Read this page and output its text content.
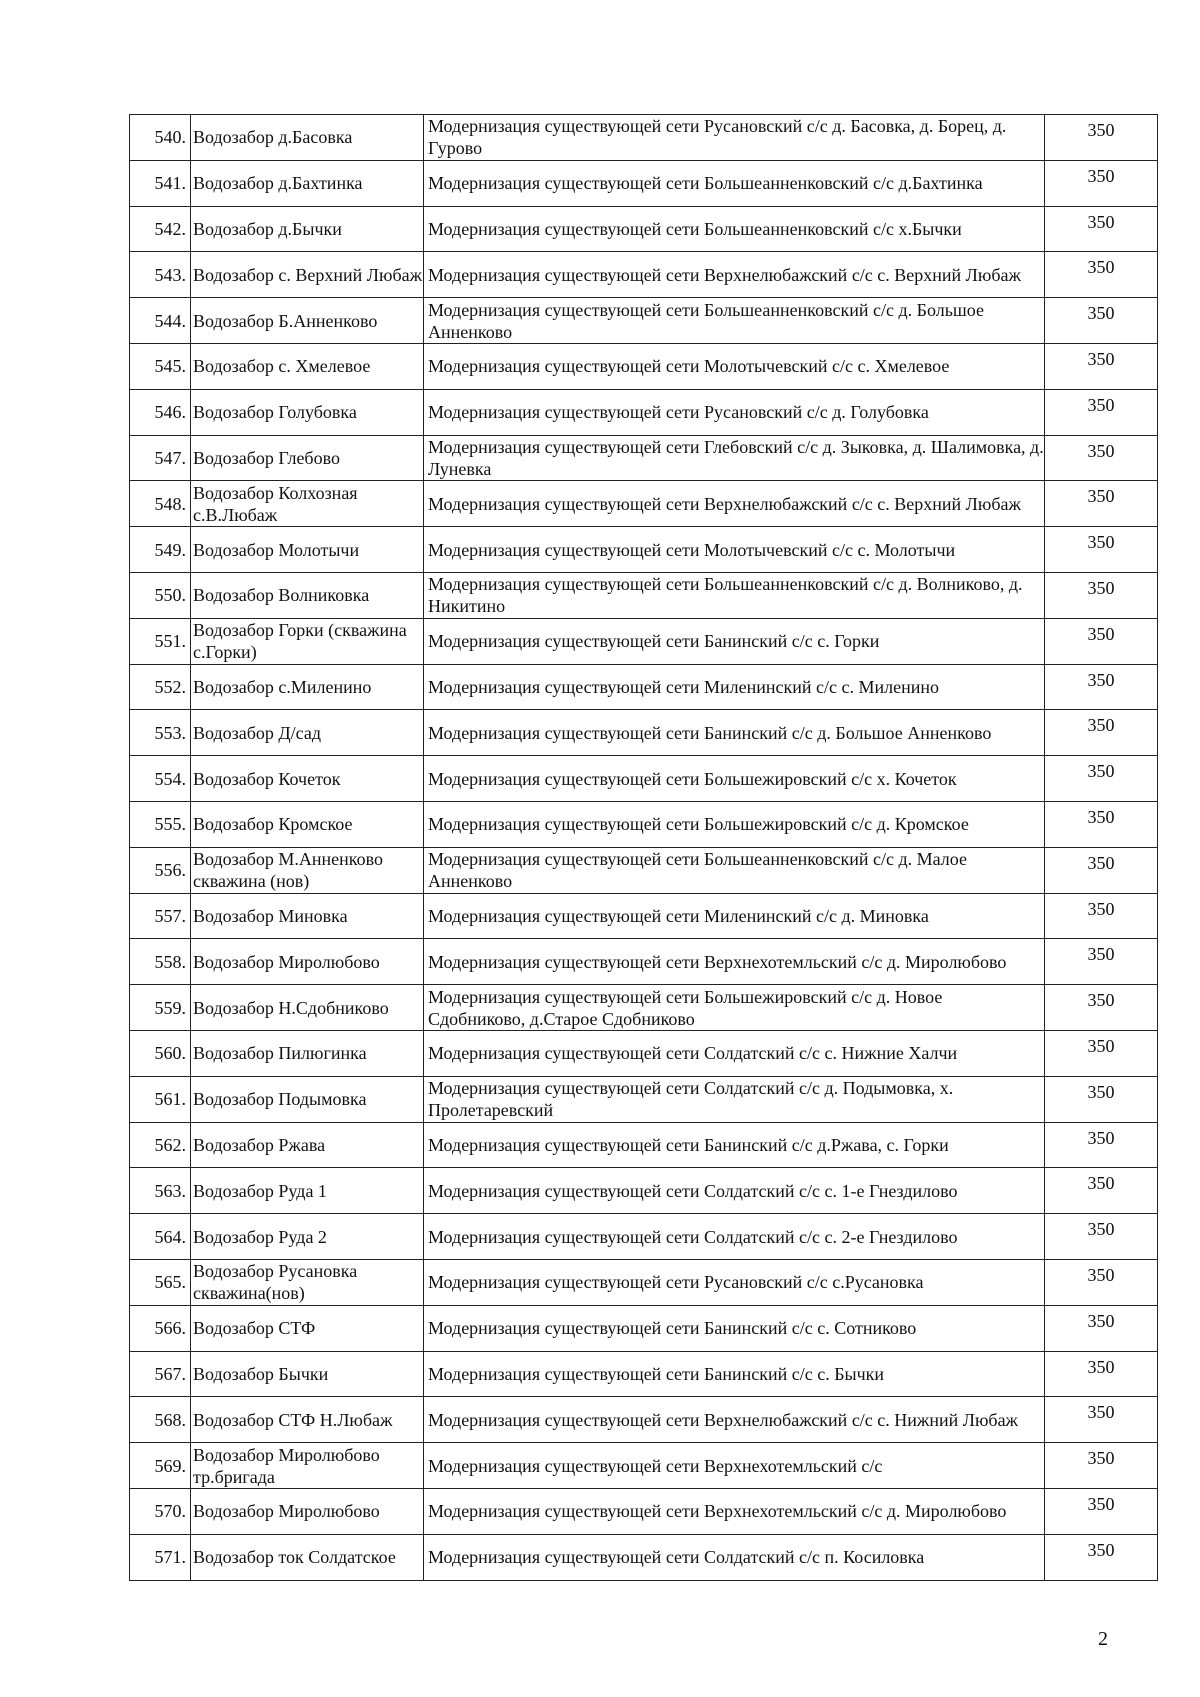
540.	Водозабор д.Басовка	Модернизация существующей сети Русановский с/с д. Басовка, д. Борец, д. Гурово	350
541.	Водозабор д.Бахтинка	Модернизация существующей сети Большеанненковский с/с д.Бахтинка	350
542.	Водозабор д.Бычки	Модернизация существующей сети Большеанненковский с/с х.Бычки	350
543.	Водозабор с. Верхний Любаж	Модернизация существующей сети Верхнелюбажский с/с с. Верхний Любаж	350
544.	Водозабор Б.Анненково	Модернизация существующей сети Большеанненковский с/с д. Большое Анненково	350
545.	Водозабор с. Хмелевое	Модернизация существующей сети Молотычевский с/с с. Хмелевое	350
546.	Водозабор Голубовка	Модернизация существующей сети Русановский с/с д. Голубовка	350
547.	Водозабор Глебово	Модернизация существующей сети Глебовский с/с д. Зыковка, д. Шалимовка, д. Луневка	350
548.	Водозабор Колхозная с.В.Любаж	Модернизация существующей сети Верхнелюбажский с/с с. Верхний Любаж	350
549.	Водозабор Молотычи	Модернизация существующей сети Молотычевский с/с с. Молотычи	350
550.	Водозабор Волниковка	Модернизация существующей сети Большеанненковский с/с д. Волниково, д. Никитино	350
551.	Водозабор Горки (скважина с.Горки)	Модернизация существующей сети Банинский с/с с. Горки	350
552.	Водозабор с.Миленино	Модернизация существующей сети Миленинский с/с с. Миленино	350
553.	Водозабор Д/сад	Модернизация существующей сети Банинский с/с д. Большое Анненково	350
554.	Водозабор Кочеток	Модернизация существующей сети Большежировский с/с х. Кочеток	350
555.	Водозабор Кромское	Модернизация существующей сети Большежировский с/с д. Кромское	350
556.	Водозабор М.Анненково скважина (нов)	Модернизация существующей сети Большеанненковский с/с д. Малое Анненково	350
557.	Водозабор Миновка	Модернизация существующей сети Миленинский с/с д. Миновка	350
558.	Водозабор Миролюбово	Модернизация существующей сети Верхнехотемльский с/с д. Миролюбово	350
559.	Водозабор Н.Сдобниково	Модернизация существующей сети Большежировский с/с д. Новое Сдобниково, д.Старое Сдобниково	350
560.	Водозабор Пилюгинка	Модернизация существующей сети Солдатский с/с с. Нижние Халчи	350
561.	Водозабор Подымовка	Модернизация существующей сети Солдатский с/с д. Подымовка, х. Пролетаревский	350
562.	Водозабор Ржава	Модернизация существующей сети Банинский с/с д.Ржава, с. Горки	350
563.	Водозабор Руда 1	Модернизация существующей сети Солдатский с/с с. 1-е Гнездилово	350
564.	Водозабор Руда 2	Модернизация существующей сети Солдатский с/с с. 2-е Гнездилово	350
565.	Водозабор Русановка скважина(нов)	Модернизация существующей сети Русановский с/с с.Русановка	350
566.	Водозабор СТФ	Модернизация существующей сети Банинский с/с с. Сотниково	350
567.	Водозабор Бычки	Модернизация существующей сети Банинский с/с с. Бычки	350
568.	Водозабор СТФ Н.Любаж	Модернизация существующей сети Верхнелюбажский с/с с. Нижний Любаж	350
569.	Водозабор Миролюбово тр.бригада	Модернизация существующей сети Верхнехотемльский с/с	350
570.	Водозабор Миролюбово	Модернизация существующей сети Верхнехотемльский с/с д. Миролюбово	350
571.	Водозабор ток Солдатское	Модернизация существующей сети Солдатский с/с п. Косиловка	350
2
